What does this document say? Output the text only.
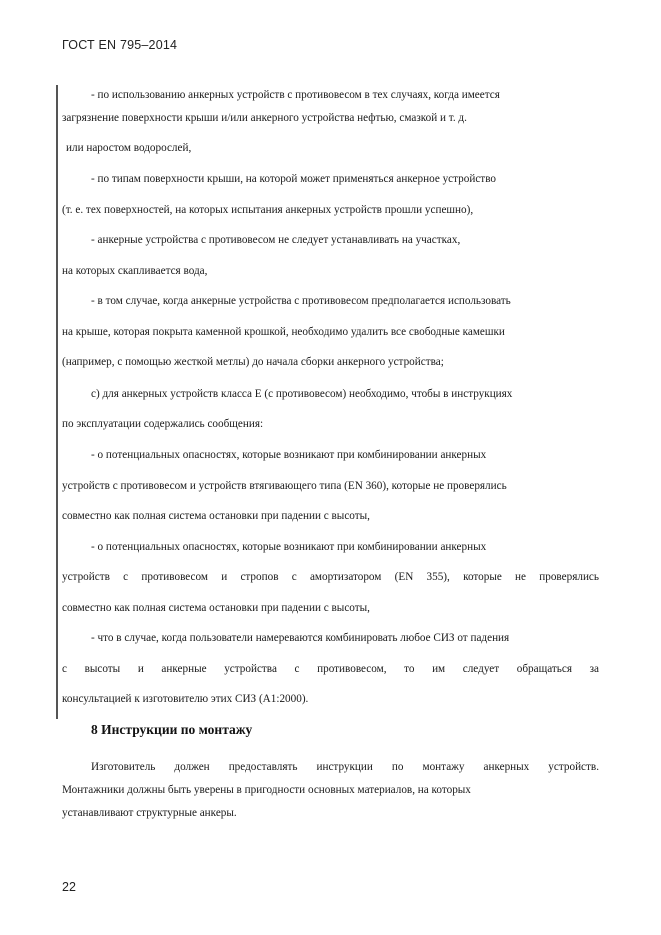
ГОСТ EN 795–2014
- по использованию анкерных устройств с противовесом в тех случаях, когда имеется
загрязнение поверхности крыши и/или анкерного устройства нефтью, смазкой и т. д.
или наростом водорослей,
- по типам поверхности крыши, на которой может применяться анкерное устройство
(т. е. тех поверхностей, на которых испытания анкерных устройств прошли успешно),
- анкерные устройства с противовесом не следует устанавливать на участках,
на которых скапливается вода,
- в том случае, когда анкерные устройства с противовесом предполагается использовать
на крыше, которая покрыта каменной крошкой, необходимо удалить все свободные камешки
(например, с помощью жесткой метлы) до начала сборки анкерного устройства;
с) для анкерных устройств класса Е (с противовесом) необходимо, чтобы в инструкциях
по эксплуатации содержались сообщения:
- о потенциальных опасностях, которые возникают при комбинировании анкерных
устройств с противовесом и устройств втягивающего типа (EN 360), которые не проверялись
совместно как полная система остановки при падении с высоты,
- о потенциальных опасностях, которые возникают при комбинировании анкерных
устройств с противовесом и стропов с амортизатором (EN 355), которые не проверялись
совместно как полная система остановки при падении с высоты,
- что в случае, когда пользователи намереваются комбинировать любое СИЗ от падения
с высоты и анкерные устройства с противовесом, то им следует обращаться за
консультацией к изготовителю этих СИЗ (A1:2000).
8 Инструкции по монтажу
Изготовитель должен предоставлять инструкции по монтажу анкерных устройств.
Монтажники должны быть уверены в пригодности основных материалов, на которых
устанавливают структурные анкеры.
22
